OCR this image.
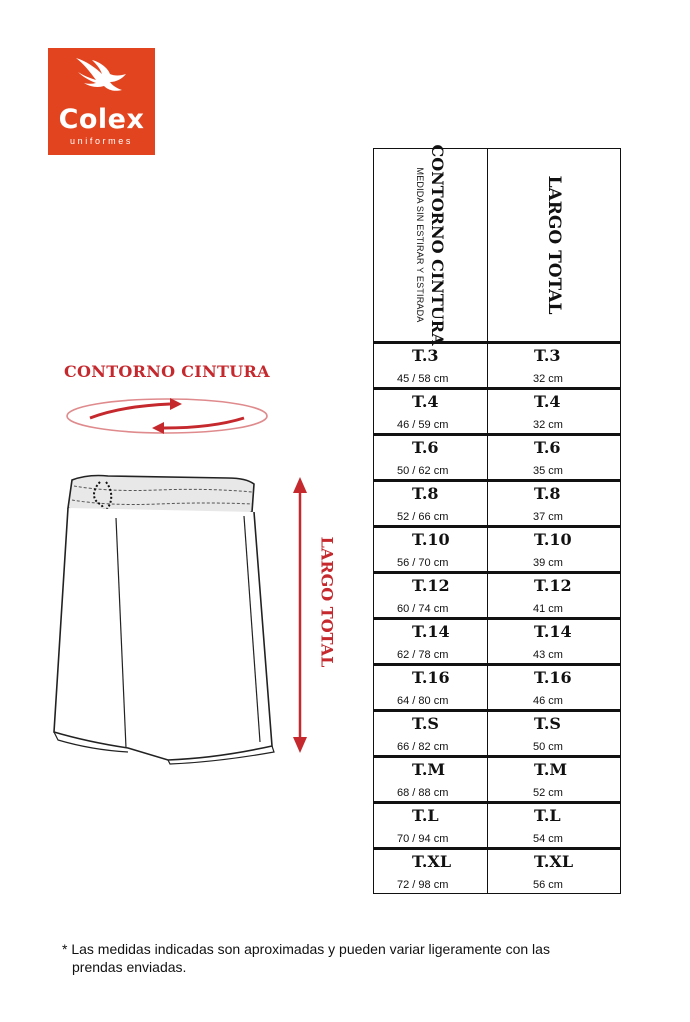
Colex
uniformes
CONTORNO CINTURA
LARGO TOTAL
CONTORNO CINTURA
MEDIDA SIN ESTIRAR Y ESTIRADA	LARGO TOTAL
T.3
45 / 58 cm
T.3
32 cm
T.4
46 / 59 cm
T.4
32 cm
T.6
50 / 62 cm
T.6
35 cm
T.8
52 / 66 cm
T.8
37 cm
T.10
56 / 70 cm
T.10
39 cm
T.12
60 / 74 cm
T.12
41 cm
T.14
62 / 78 cm
T.14
43 cm
T.16
64 / 80 cm
T.16
46 cm
T.S
66 / 82 cm
T.S
50 cm
T.M
68 / 88 cm
T.M
52 cm
T.L
70 / 94 cm
T.L
54 cm
T.XL
72 / 98 cm
T.XL
56 cm
* Las medidas indicadas son aproximadas y pueden variar ligeramente con las
prendas enviadas.
